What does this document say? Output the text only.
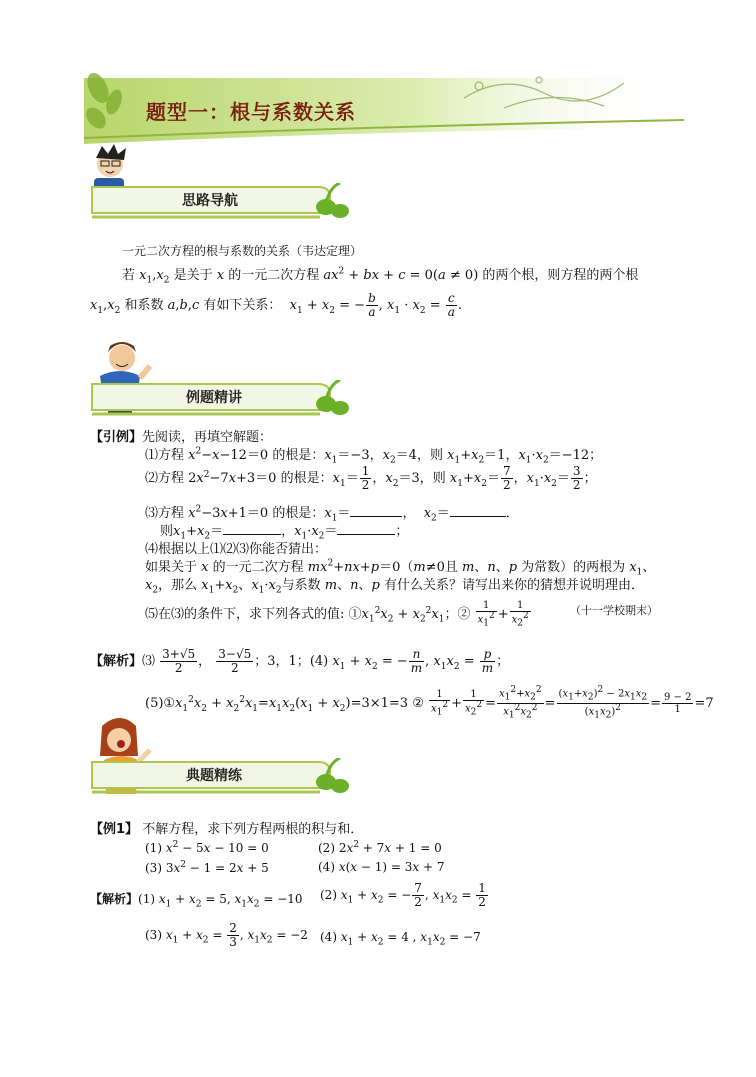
题型一：根与系数关系
思路导航
一元二次方程的根与系数的关系（韦达定理）
若 $x_1,x_2$ 是关于 x 的一元二次方程 $ax^2$ + bx + c = 0(a ≠ 0) 的两个根，则方程的两个根
$x_1,x_2$ 和系数 a,b,c 有如下关系： $x_1 + x_2$ = − $\frac{b}{a}$ , $x_1 \cdot x_2 = \frac{c}{a}$ .
例题精讲
【引例】先阅读，再填空解题：
⑴方程 $x^2-x-12=0$ 的根是：$x_1=-3$，$x_2=4$，则 $x_1+x_2=1$，$x_1\cdot x_2=-12$；
⑵方程 $2x^2-7x+3=0$ 的根是：$x_1= \frac{1}{2}$ ，$x_2=3$，则 $x_1+x_2= \frac{7}{2}$ ，$x_1\cdot x_2= \frac{3}{2}$ ；
⑶方程 $x^2-3x+1=0$ 的根是：$x_1=$	，  $x_2=$	．
则$x_1+x_2=$	，$x_1\cdot x_2=$	；
⑷根据以上⑴⑵⑶你能否猜出：
如果关于 x 的一元二次方程 $mx^2+nx+p=0(m\ne 0$且 m、n、p 为常数）的两根为 $x_1$、
$x_2$，那么 $x_1+x_2$、$x_1\cdot x_2$与系数 m、n、p 有什么关系？请写出来你的猜想并说明理由．
⑸在⑶的条件下，求下列各式的值: $①x_1^2x_2 + x_2^2x_1$；② $\frac{1}{x_1^2} + \frac{1}{x_2^2}$	（十一学校期末）
【解析】⑶ $\frac{3+√5}{2}$ ， $\frac{3-√5}{2}$ ；3，1；(4) $x_1 + x_2$ = − $\frac{n}{m}$ , $x_1x_2 = \frac{p}{m}$ ；
$(5)①x_1^2x_2 + x_2^2x_1=x_1x_2(x_1 + x_2)=3\times 1=3$ ② $\frac{1}{x_1^2} + \frac{1}{x_2^2} = \frac{x_1^2+x_2^2}{x_1^2x_2^2} = \frac{(x_1+x_2)^2 - 2x_1x_2}{(x_1x_2)^2} = \frac{9 - 2}{1} =7$
典题精练
【例1】 不解方程，求下列方程两根的积与和．
(1) $x^2 - 5x - 10 = 0$	(2) $2x^2 + 7x + 1 = 0$
(3) $3x^2 - 1 = 2x + 5$	(4) x(x − 1) = 3x + 7
【解析】(1) $x_1 + x_2 = 5$, $x_1x_2 = -10$ (2) $x_1 + x_2$ = − $\frac{7}{2}$ , $x_1x_2 = \frac{1}{2}$
(3) $x_1 + x_2 = \frac{2}{3}$ , $x_1x_2 = -2$ (4) $x_1 + x_2 = 4$ , $x_1x_2 = -7$
